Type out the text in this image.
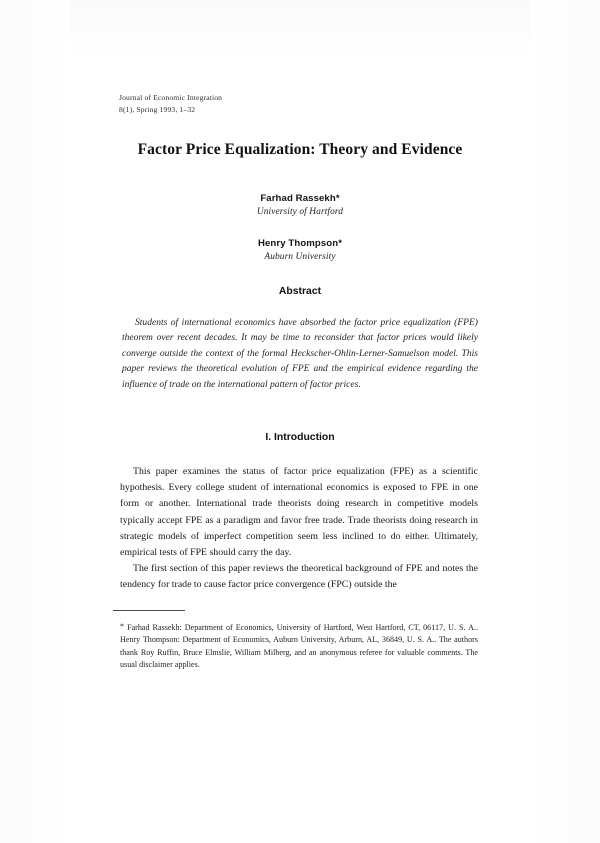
Journal of Economic Integration
8(1), Spring 1993, 1–32
Factor Price Equalization: Theory and Evidence
Farhad Rassekh*
University of Hartford
Henry Thompson*
Auburn University
Abstract
Students of international economics have absorbed the factor price equalization (FPE) theorem over recent decades. It may be time to reconsider that factor prices would likely converge outside the context of the formal Heckscher-Ohlin-Lerner-Samuelson model. This paper reviews the theoretical evolution of FPE and the empirical evidence regarding the influence of trade on the international pattern of factor prices.
I. Introduction

This paper examines the status of factor price equalization (FPE) as a scientific hypothesis. Every college student of international economics is exposed to FPE in one form or another. International trade theorists doing research in competitive models typically accept FPE as a paradigm and favor free trade. Trade theorists doing research in strategic models of imperfect competition seem less inclined to do either. Ultimately, empirical tests of FPE should carry the day.

The first section of this paper reviews the theoretical background of FPE and notes the tendency for trade to cause factor price convergence (FPC) outside the

* Farhad Rassekh: Department of Economics, University of Hartford, West Hartford, CT, 06117, U. S. A.. Henry Thompson: Department of Economics, Auburn University, Arburn, AL, 36849, U. S. A.. The authors thank Roy Ruffin, Bruce Elmslie, William Milberg, and an anonymous referee for valuable comments. The usual disclaimer applies.
